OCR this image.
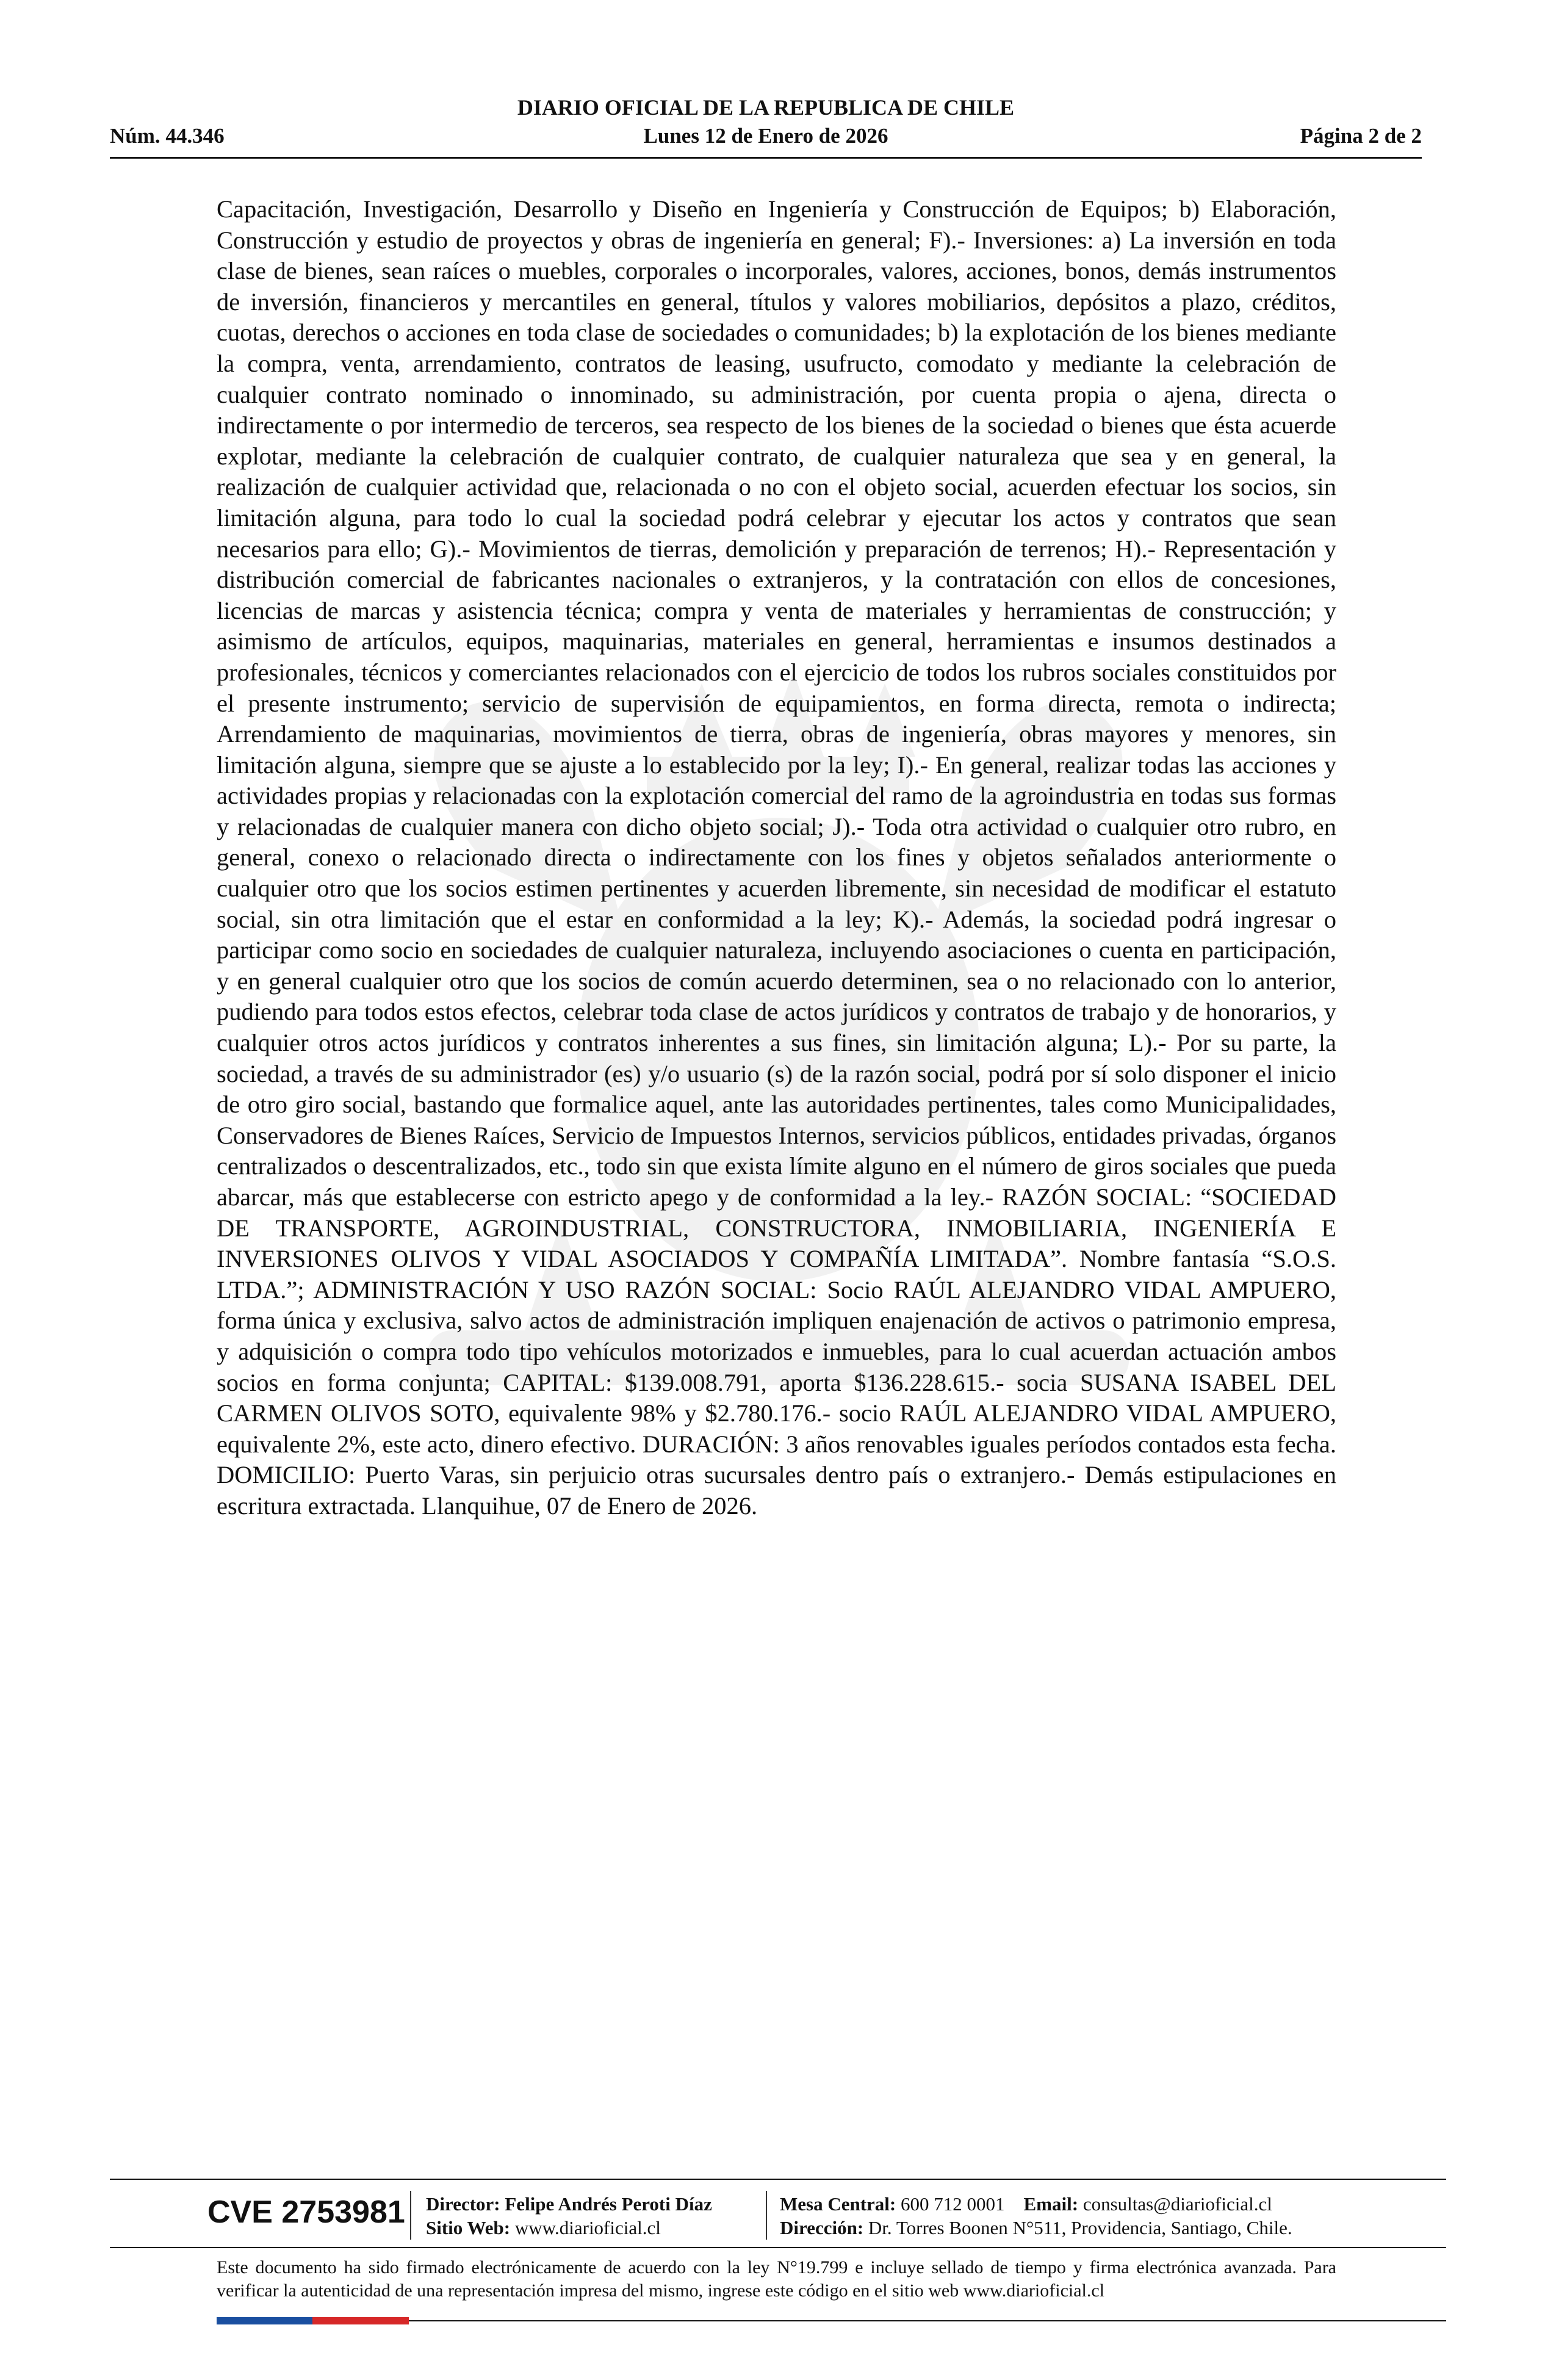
DIARIO OFICIAL DE LA REPUBLICA DE CHILE
Núm. 44.346	Lunes 12 de Enero de 2026	Página 2 de 2

Capacitación, Investigación, Desarrollo y Diseño en Ingeniería y Construcción de Equipos; b) Elaboración, Construcción y estudio de proyectos y obras de ingeniería en general; F).- Inversiones: a) La inversión en toda clase de bienes, sean raíces o muebles, corporales o incorporales, valores, acciones, bonos, demás instrumentos de inversión, financieros y mercantiles en general, títulos y valores mobiliarios, depósitos a plazo, créditos, cuotas, derechos o acciones en toda clase de sociedades o comunidades; b) la explotación de los bienes mediante la compra, venta, arrendamiento, contratos de leasing, usufructo, comodato y mediante la celebración de cualquier contrato nominado o innominado, su administración, por cuenta propia o ajena, directa o indirectamente o por intermedio de terceros, sea respecto de los bienes de la sociedad o bienes que ésta acuerde explotar, mediante la celebración de cualquier contrato, de cualquier naturaleza que sea y en general, la realización de cualquier actividad que, relacionada o no con el objeto social, acuerden efectuar los socios, sin limitación alguna, para todo lo cual la sociedad podrá celebrar y ejecutar los actos y contratos que sean necesarios para ello; G).- Movimientos de tierras, demolición y preparación de terrenos; H).- Representación y distribución comercial de fabricantes nacionales o extranjeros, y la contratación con ellos de concesiones, licencias de marcas y asistencia técnica; compra y venta de materiales y herramientas de construcción; y asimismo de artículos, equipos, maquinarias, materiales en general, herramientas e insumos destinados a profesionales, técnicos y comerciantes relacionados con el ejercicio de todos los rubros sociales constituidos por el presente instrumento; servicio de supervisión de equipamientos, en forma directa, remota o indirecta; Arrendamiento de maquinarias, movimientos de tierra, obras de ingeniería, obras mayores y menores, sin limitación alguna, siempre que se ajuste a lo establecido por la ley; I).- En general, realizar todas las acciones y actividades propias y relacionadas con la explotación comercial del ramo de la agroindustria en todas sus formas y relacionadas de cualquier manera con dicho objeto social; J).- Toda otra actividad o cualquier otro rubro, en general, conexo o relacionado directa o indirectamente con los fines y objetos señalados anteriormente o cualquier otro que los socios estimen pertinentes y acuerden libremente, sin necesidad de modificar el estatuto social, sin otra limitación que el estar en conformidad a la ley; K).- Además, la sociedad podrá ingresar o participar como socio en sociedades de cualquier naturaleza, incluyendo asociaciones o cuenta en participación, y en general cualquier otro que los socios de común acuerdo determinen, sea o no relacionado con lo anterior, pudiendo para todos estos efectos, celebrar toda clase de actos jurídicos y contratos de trabajo y de honorarios, y cualquier otros actos jurídicos y contratos inherentes a sus fines, sin limitación alguna; L).- Por su parte, la sociedad, a través de su administrador (es) y/o usuario (s) de la razón social, podrá por sí solo disponer el inicio de otro giro social, bastando que formalice aquel, ante las autoridades pertinentes, tales como Municipalidades, Conservadores de Bienes Raíces, Servicio de Impuestos Internos, servicios públicos, entidades privadas, órganos centralizados o descentralizados, etc., todo sin que exista límite alguno en el número de giros sociales que pueda abarcar, más que establecerse con estricto apego y de conformidad a la ley.- RAZÓN SOCIAL: “SOCIEDAD DE TRANSPORTE, AGROINDUSTRIAL, CONSTRUCTORA, INMOBILIARIA, INGENIERÍA E INVERSIONES OLIVOS Y VIDAL ASOCIADOS Y COMPAÑÍA LIMITADA”. Nombre fantasía “S.O.S. LTDA.”; ADMINISTRACIÓN Y USO RAZÓN SOCIAL: Socio RAÚL ALEJANDRO VIDAL AMPUERO, forma única y exclusiva, salvo actos de administración impliquen enajenación de activos o patrimonio empresa, y adquisición o compra todo tipo vehículos motorizados e inmuebles, para lo cual acuerdan actuación ambos socios en forma conjunta; CAPITAL: $139.008.791, aporta $136.228.615.- socia SUSANA ISABEL DEL CARMEN OLIVOS SOTO, equivalente 98% y $2.780.176.- socio RAÚL ALEJANDRO VIDAL AMPUERO, equivalente 2%, este acto, dinero efectivo. DURACIÓN: 3 años renovables iguales períodos contados esta fecha. DOMICILIO: Puerto Varas, sin perjuicio otras sucursales dentro país o extranjero.- Demás estipulaciones en escritura extractada. Llanquihue, 07 de Enero de 2026.

CVE 2753981 Director: Felipe Andrés Peroti Díaz
Sitio Web: www.diarioficial.cl
Mesa Central: 600 712 0001 Email: consultas@diarioficial.cl
Dirección: Dr. Torres Boonen N°511, Providencia, Santiago, Chile.

Este documento ha sido firmado electrónicamente de acuerdo con la ley N°19.799 e incluye sellado de tiempo y firma electrónica avanzada. Para verificar la autenticidad de una representación impresa del mismo, ingrese este código en el sitio web www.diarioficial.cl
